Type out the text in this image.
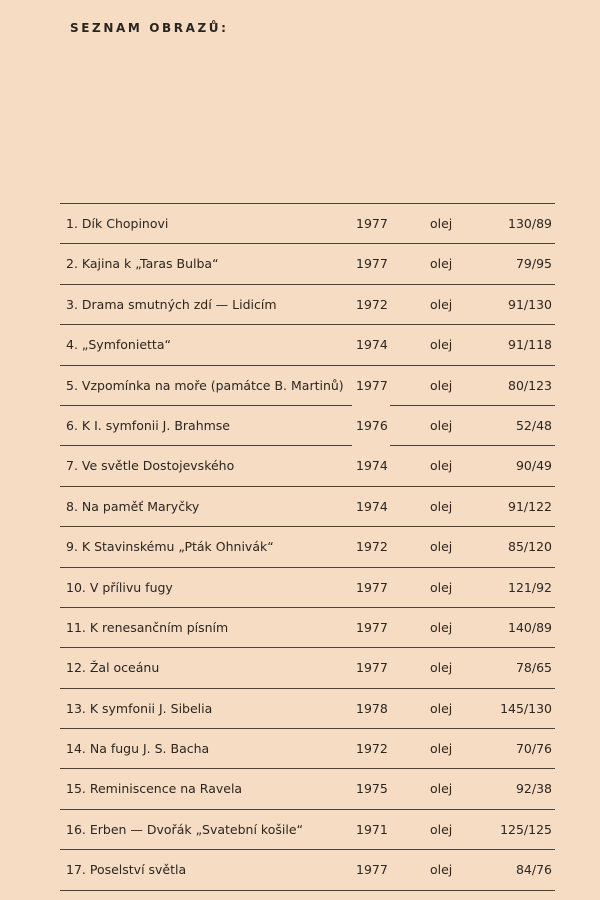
SEZNAM OBRAZŮ:
1. Dík Chopinovi	1977	olej	130/89
2. Kajina k „Taras Bulba“	1977	olej	79/95
3. Drama smutných zdí — Lidicím	1972	olej	91/130
4. „Symfonietta“	1974	olej	91/118
5. Vzpomínka na moře (památce B. Martinů) 1977	olej	80/123
6. K I. symfonii J. Brahmse	1976	olej	52/48
7. Ve světle Dostojevského	1974	olej	90/49
8. Na paměť Maryčky	1974	olej	91/122
9. K Stavinskému „Pták Ohnivák“	1972	olej	85/120
10. V přílivu fugy	1977	olej	121/92
11. K renesančním písním	1977	olej	140/89
12. Žal oceánu	1977	olej	78/65
13. K symfonii J. Sibelia	1978	olej	145/130
14. Na fugu J. S. Bacha	1972	olej	70/76
15. Reminiscence na Ravela	1975	olej	92/38
16. Erben — Dvořák „Svatební košile“	1971	olej	125/125
17. Poselství světla	1977	olej	84/76
